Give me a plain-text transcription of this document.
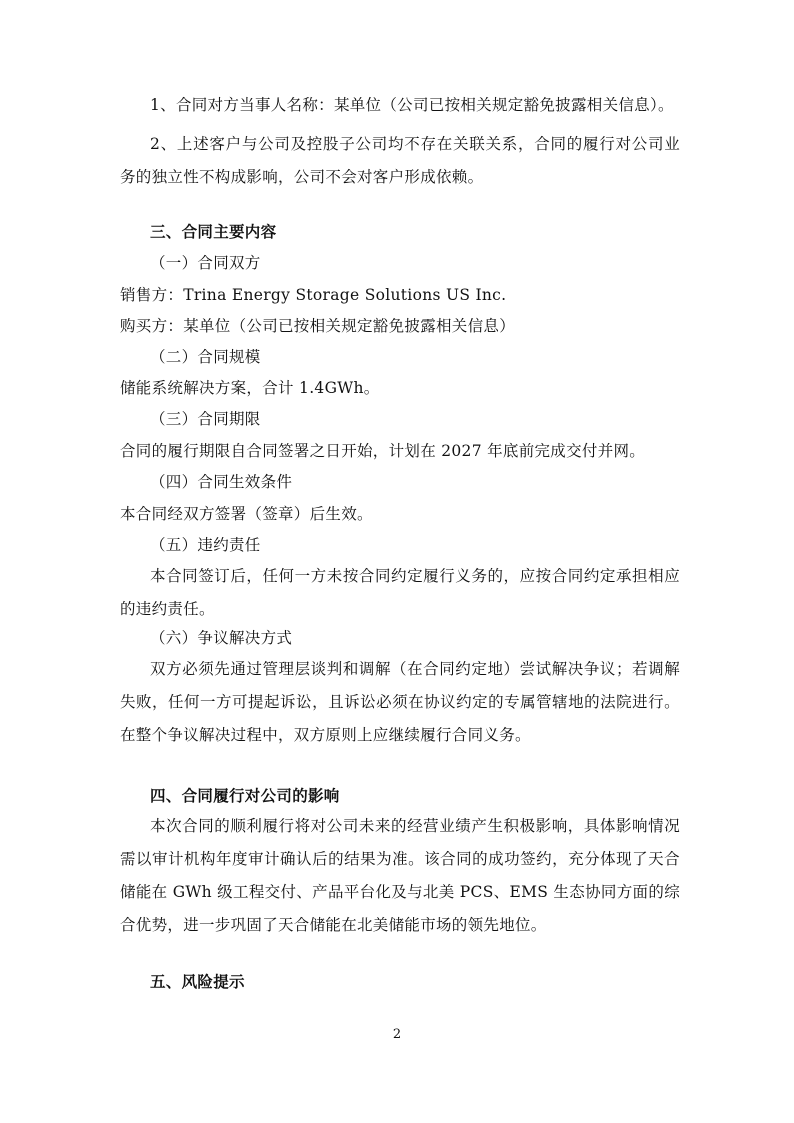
1、合同对方当事人名称：某单位（公司已按相关规定豁免披露相关信息）。
2、上述客户与公司及控股子公司均不存在关联关系，合同的履行对公司业务的独立性不构成影响，公司不会对客户形成依赖。
三、合同主要内容
（一）合同双方
销售方：Trina Energy Storage Solutions US Inc.
购买方：某单位（公司已按相关规定豁免披露相关信息）
（二）合同规模
储能系统解决方案，合计 1.4GWh。
（三）合同期限
合同的履行期限自合同签署之日开始，计划在 2027 年底前完成交付并网。
（四）合同生效条件
本合同经双方签署（签章）后生效。
（五）违约责任
本合同签订后，任何一方未按合同约定履行义务的，应按合同约定承担相应的违约责任。
（六）争议解决方式
双方必须先通过管理层谈判和调解（在合同约定地）尝试解决争议；若调解失败，任何一方可提起诉讼，且诉讼必须在协议约定的专属管辖地的法院进行。在整个争议解决过程中，双方原则上应继续履行合同义务。
四、合同履行对公司的影响
本次合同的顺利履行将对公司未来的经营业绩产生积极影响，具体影响情况需以审计机构年度审计确认后的结果为准。该合同的成功签约，充分体现了天合储能在 GWh 级工程交付、产品平台化及与北美 PCS、EMS 生态协同方面的综合优势，进一步巩固了天合储能在北美储能市场的领先地位。
五、风险提示
2
